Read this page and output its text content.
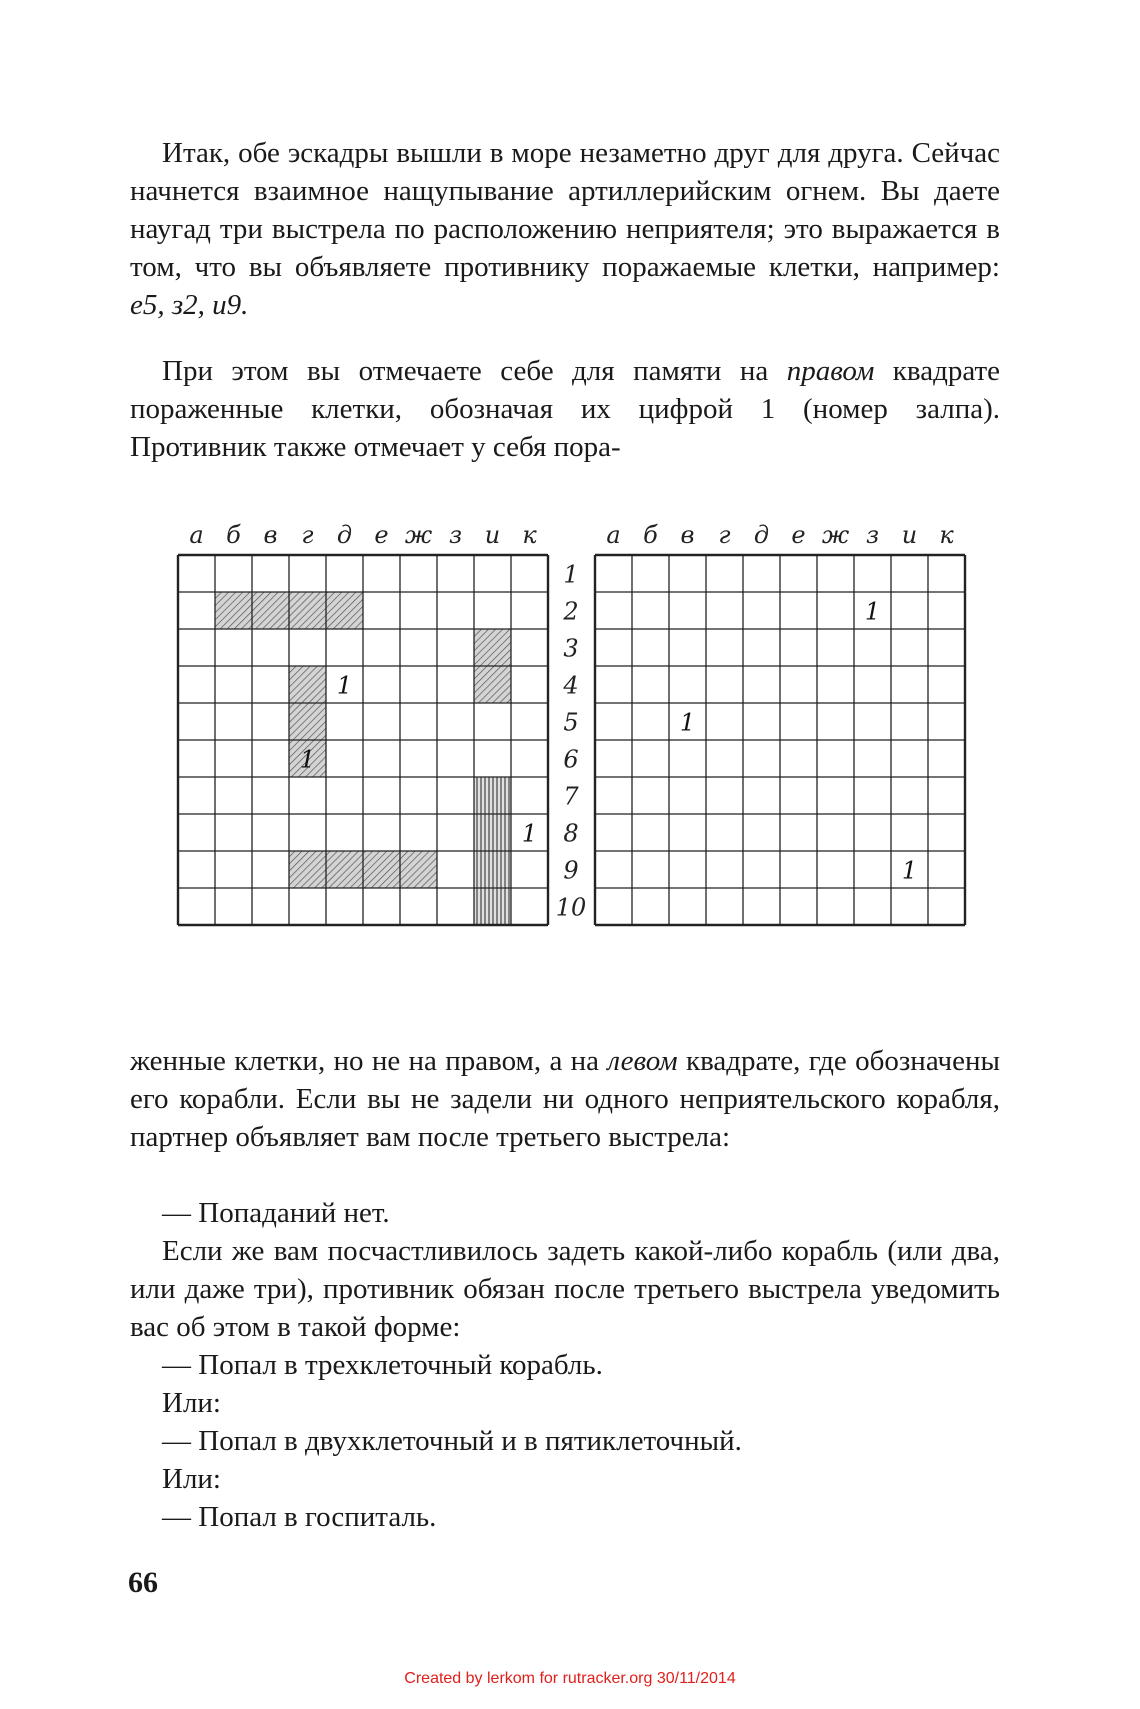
Итак, обе эскадры вышли в море незаметно друг для друга. Сейчас начнется взаимное нащупывание артиллерийским огнем. Вы даете наугад три выстрела по расположению неприятеля; это выражается в том, что вы объявляете противнику поражаемые клетки, например: е5, з2, и9.

При этом вы отмечаете себе для памяти на правом квадрате пораженные клетки, обозначая их цифрой 1 (номер залпа). Противник также отмечает у себя пора-

а б в г д е ж з и к
1
1
1
а б в г д е ж з и к
1
1
1
1
2
3
4
5
6
7
8
9
10

женные клетки, но не на правом, а на левом квадрате, где обозначены его корабли. Если вы не задели ни одного неприятельского корабля, партнер объявляет вам после третьего выстрела:

— Попаданий нет.

Если же вам посчастливилось задеть какой-либо корабль (или два, или даже три), противник обязан после третьего выстрела уведомить вас об этом в такой форме:

— Попал в трехклеточный корабль.

Или:

— Попал в двухклеточный и в пятиклеточный.

Или:

— Попал в госпиталь.

66
Created by lerkom for rutracker.org 30/11/2014
